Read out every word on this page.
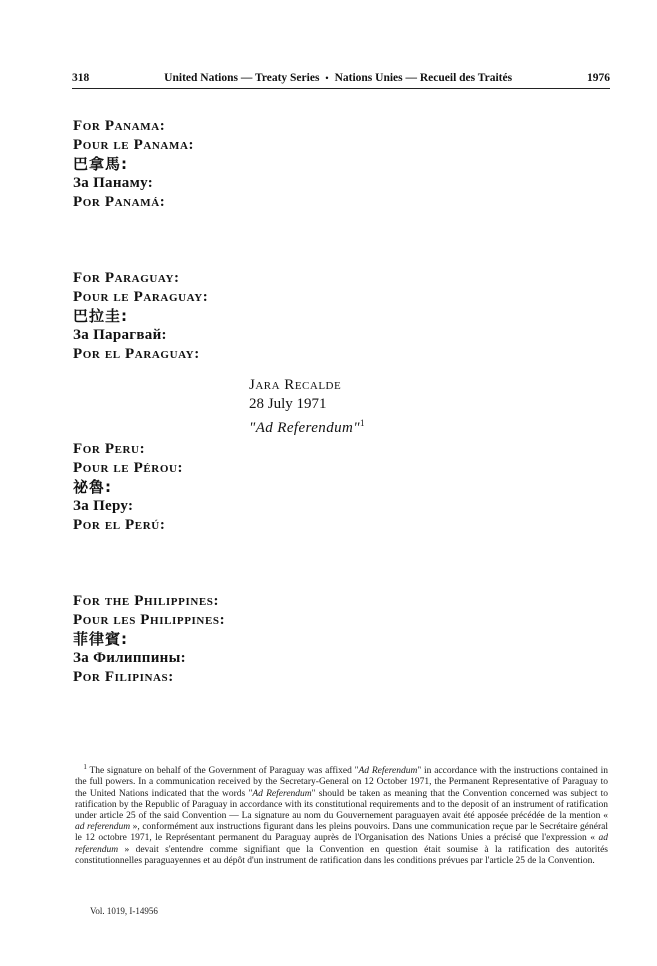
318	United Nations — Treaty Series • Nations Unies — Recueil des Traités	1976
For Panama:
Pour le Panama:
巴拿馬:
За Панаму:
Por Panamá:
For Paraguay:
Pour le Paraguay:
巴拉圭:
За Парагвай:
Por el Paraguay:
Jara Recalde
28 July 1971
"Ad Referendum"$^1$
For Peru:
Pour le Pérou:
祕魯:
За Перу:
Por el Perú:
For the Philippines:
Pour les Philippines:
菲律賓:
За Филиппины:
Por Filipinas:
$^1$ The signature on behalf of the Government of Paraguay was affixed "Ad Referendum" in accordance with the instructions contained in the full powers. In a communication received by the Secretary-General on 12 October 1971, the Permanent Representative of Paraguay to the United Nations indicated that the words "Ad Referendum" should be taken as meaning that the Convention concerned was subject to ratification by the Republic of Paraguay in accordance with its constitutional requirements and to the deposit of an instrument of ratification under article 25 of the said Convention — La signature au nom du Gouvernement paraguayen avait été apposée précédée de la mention « ad referendum », conformément aux instructions figurant dans les pleins pouvoirs. Dans une communication reçue par le Secrétaire général le 12 octobre 1971, le Représentant permanent du Paraguay auprès de l'Organisation des Nations Unies a précisé que l'expression « ad referendum » devait s'entendre comme signifiant que la Convention en question était soumise à la ratification des autorités constitutionnelles paraguayennes et au dépôt d'un instrument de ratification dans les conditions prévues par l'article 25 de la Convention.
Vol. 1019, I-14956
